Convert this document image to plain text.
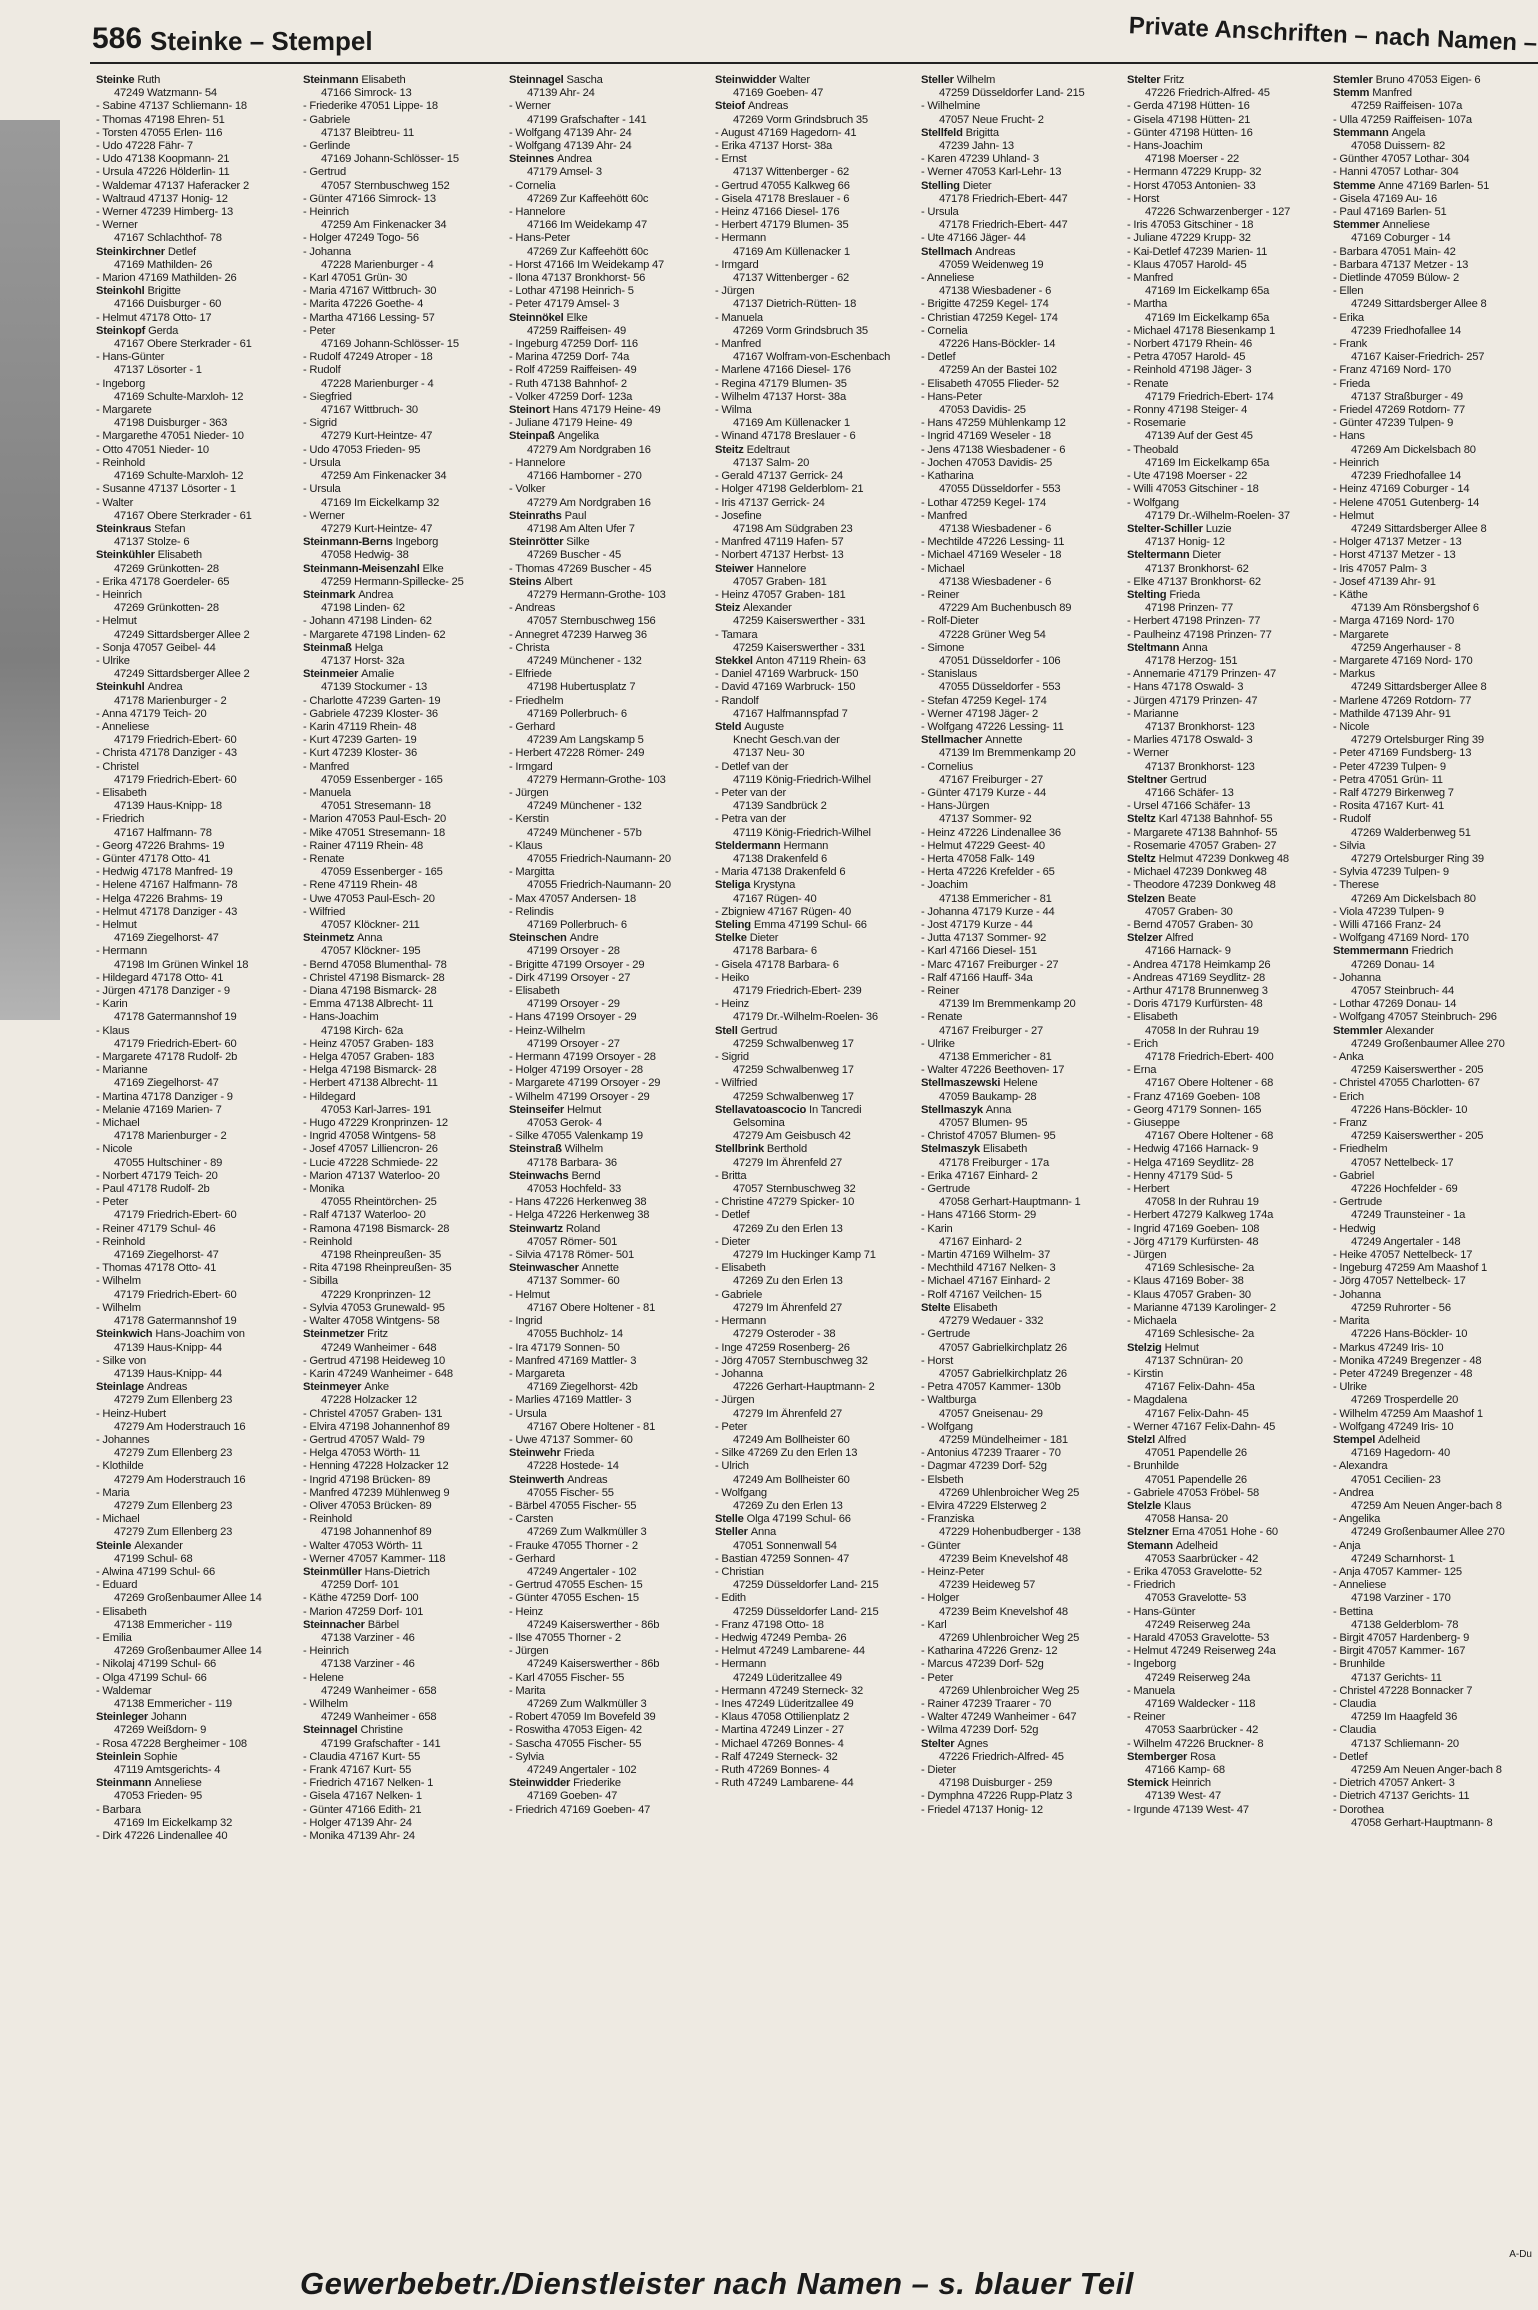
586 Steinke – Stempel	Private Anschriften – nach Namen –
Steinke Ruth
47249 Watzmann- 54
- Sabine 47137 Schliemann- 18
- Thomas 47198 Ehren- 51
- Torsten 47055 Erlen- 116
- Udo 47228 Fähr- 7
- Udo 47138 Koopmann- 21
- Ursula 47226 Hölderlin- 11
- Waldemar 47137 Haferacker 2
- Waltraud 47137 Honig- 12
- Werner 47239 Himberg- 13
- Werner
47167 Schlachthof- 78
Steinkirchner Detlef
47169 Mathilden- 26
- Marion 47169 Mathilden- 26
Steinkohl Brigitte
47166 Duisburger - 60
- Helmut 47178 Otto- 17
Steinkopf Gerda
47167 Obere Sterkrader - 61
- Hans-Günter
47137 Lösorter - 1
- Ingeborg
47169 Schulte-Marxloh- 12
- Margarete
47198 Duisburger - 363
- Margarethe 47051 Nieder- 10
- Otto 47051 Nieder- 10
- Reinhold
47169 Schulte-Marxloh- 12
- Susanne 47137 Lösorter - 1
- Walter
47167 Obere Sterkrader - 61
Steinkraus Stefan
47137 Stolze- 6
Steinkühler Elisabeth
47269 Grünkotten- 28
- Erika 47178 Goerdeler- 65
- Heinrich
47269 Grünkotten- 28
- Helmut
47249 Sittardsberger Allee 2
- Sonja 47057 Geibel- 44
- Ulrike
47249 Sittardsberger Allee 2
Steinkuhl Andrea
47178 Marienburger - 2
- Anna 47179 Teich- 20
- Anneliese
47179 Friedrich-Ebert- 60
- Christa 47178 Danziger - 43
- Christel
47179 Friedrich-Ebert- 60
- Elisabeth
47139 Haus-Knipp- 18
- Friedrich
47167 Halfmann- 78
- Georg 47226 Brahms- 19
- Günter 47178 Otto- 41
- Hedwig 47178 Manfred- 19
- Helene 47167 Halfmann- 78
- Helga 47226 Brahms- 19
- Helmut 47178 Danziger - 43
- Helmut
47169 Ziegelhorst- 47
- Hermann
47198 Im Grünen Winkel 18
- Hildegard 47178 Otto- 41
- Jürgen 47178 Danziger - 9
- Karin
47178 Gatermannshof 19
- Klaus
47179 Friedrich-Ebert- 60
- Margarete 47178 Rudolf- 2b
- Marianne
47169 Ziegelhorst- 47
- Martina 47178 Danziger - 9
- Melanie 47169 Marien- 7
- Michael
47178 Marienburger - 2
- Nicole
47055 Hultschiner - 89
- Norbert 47179 Teich- 20
- Paul 47178 Rudolf- 2b
- Peter
47179 Friedrich-Ebert- 60
- Reiner 47179 Schul- 46
- Reinhold
47169 Ziegelhorst- 47
- Thomas 47178 Otto- 41
- Wilhelm
47179 Friedrich-Ebert- 60
- Wilhelm
47178 Gatermannshof 19
Steinkwich Hans-Joachim von
47139 Haus-Knipp- 44
- Silke von
47139 Haus-Knipp- 44
Steinlage Andreas
47279 Zum Ellenberg 23
- Heinz-Hubert
47279 Am Hoderstrauch 16
- Johannes
47279 Zum Ellenberg 23
- Klothilde
47279 Am Hoderstrauch 16
- Maria
47279 Zum Ellenberg 23
- Michael
47279 Zum Ellenberg 23
Steinle Alexander
47199 Schul- 68
- Alwina 47199 Schul- 66
- Eduard
47269 Großenbaumer Allee 14
- Elisabeth
47138 Emmericher - 119
- Emilia
47269 Großenbaumer Allee 14
- Nikolaj 47199 Schul- 66
- Olga 47199 Schul- 66
- Waldemar
47138 Emmericher - 119
Steinleger Johann
47269 Weißdorn- 9
- Rosa 47228 Bergheimer - 108
Steinlein Sophie
47119 Amtsgerichts- 4
Steinmann Anneliese
47053 Frieden- 95
- Barbara
47169 Im Eickelkamp 32
- Dirk 47226 Lindenallee 40
Steinmann Elisabeth
47166 Simrock- 13
- Friederike 47051 Lippe- 18
- Gabriele
47137 Bleibtreu- 11
- Gerlinde
47169 Johann-Schlösser- 15
- Gertrud
47057 Sternbuschweg 152
- Günter 47166 Simrock- 13
- Heinrich
47259 Am Finkenacker 34
- Holger 47249 Togo- 56
- Johanna
47228 Marienburger - 4
- Karl 47051 Grün- 30
- Maria 47167 Wittbruch- 30
- Marita 47226 Goethe- 4
- Martha 47166 Lessing- 57
- Peter
47169 Johann-Schlösser- 15
- Rudolf 47249 Atroper - 18
- Rudolf
47228 Marienburger - 4
- Siegfried
47167 Wittbruch- 30
- Sigrid
47279 Kurt-Heintze- 47
- Udo 47053 Frieden- 95
- Ursula
47259 Am Finkenacker 34
- Ursula
47169 Im Eickelkamp 32
- Werner
47279 Kurt-Heintze- 47
Steinmann-Berns Ingeborg
47058 Hedwig- 38
Steinmann-Meisenzahl Elke
47259 Hermann-Spillecke- 25
Steinmark Andrea
47198 Linden- 62
- Johann 47198 Linden- 62
- Margarete 47198 Linden- 62
Steinmaß Helga
47137 Horst- 32a
Steinmeier Amalie
47139 Stockumer - 13
- Charlotte 47239 Garten- 19
- Gabriele 47239 Kloster- 36
- Karin 47119 Rhein- 48
- Kurt 47239 Garten- 19
- Kurt 47239 Kloster- 36
- Manfred
47059 Essenberger - 165
- Manuela
47051 Stresemann- 18
- Marion 47053 Paul-Esch- 20
- Mike 47051 Stresemann- 18
- Rainer 47119 Rhein- 48
- Renate
47059 Essenberger - 165
- Rene 47119 Rhein- 48
- Uwe 47053 Paul-Esch- 20
- Wilfried
47057 Klöckner- 211
Steinmetz Anna
47057 Klöckner- 195
- Bernd 47058 Blumenthal- 78
- Christel 47198 Bismarck- 28
- Diana 47198 Bismarck- 28
- Emma 47138 Albrecht- 11
- Hans-Joachim
47198 Kirch- 62a
- Heinz 47057 Graben- 183
- Helga 47057 Graben- 183
- Helga 47198 Bismarck- 28
- Herbert 47138 Albrecht- 11
- Hildegard
47053 Karl-Jarres- 191
- Hugo 47229 Kronprinzen- 12
- Ingrid 47058 Wintgens- 58
- Josef 47057 Lilliencron- 26
- Lucie 47228 Schmiede- 22
- Marion 47137 Waterloo- 20
- Monika
47055 Rheintörchen- 25
- Ralf 47137 Waterloo- 20
- Ramona 47198 Bismarck- 28
- Reinhold
47198 Rheinpreußen- 35
- Rita 47198 Rheinpreußen- 35
- Sibilla
47229 Kronprinzen- 12
- Sylvia 47053 Grunewald- 95
- Walter 47058 Wintgens- 58
Steinmetzer Fritz
47249 Wanheimer - 648
- Gertrud 47198 Heideweg 10
- Karin 47249 Wanheimer - 648
Steinmeyer Anke
47228 Holzacker 12
- Christel 47057 Graben- 131
- Elvira 47198 Johannenhof 89
- Gertrud 47057 Wald- 79
- Helga 47053 Wörth- 11
- Henning 47228 Holzacker 12
- Ingrid 47198 Brücken- 89
- Manfred 47239 Mühlenweg 9
- Oliver 47053 Brücken- 89
- Reinhold
47198 Johannenhof 89
- Walter 47053 Wörth- 11
- Werner 47057 Kammer- 118
Steinmüller Hans-Dietrich
47259 Dorf- 101
- Käthe 47259 Dorf- 100
- Marion 47259 Dorf- 101
Steinnacher Bärbel
47138 Varziner - 46
- Heinrich
47138 Varziner - 46
- Helene
47249 Wanheimer - 658
- Wilhelm
47249 Wanheimer - 658
Steinnagel Christine
47199 Grafschafter - 141
- Claudia 47167 Kurt- 55
- Frank 47167 Kurt- 55
- Friedrich 47167 Nelken- 1
- Gisela 47167 Nelken- 1
- Günter 47166 Edith- 21
- Holger 47139 Ahr- 24
- Monika 47139 Ahr- 24
Steinnagel Sascha
47139 Ahr- 24
- Werner
47199 Grafschafter - 141
- Wolfgang 47139 Ahr- 24
- Wolfgang 47139 Ahr- 24
Steinnes Andrea
47179 Amsel- 3
- Cornelia
47269 Zur Kaffeehött 60c
- Hannelore
47166 Im Weidekamp 47
- Hans-Peter
47269 Zur Kaffeehött 60c
- Horst 47166 Im Weidekamp 47
- Ilona 47137 Bronkhorst- 56
- Lothar 47198 Heinrich- 5
- Peter 47179 Amsel- 3
Steinnökel Elke
47259 Raiffeisen- 49
- Ingeburg 47259 Dorf- 116
- Marina 47259 Dorf- 74a
- Rolf 47259 Raiffeisen- 49
- Ruth 47138 Bahnhof- 2
- Volker 47259 Dorf- 123a
Steinort Hans 47179 Heine- 49
- Juliane 47179 Heine- 49
Steinpaß Angelika
47279 Am Nordgraben 16
- Hannelore
47166 Hamborner - 270
- Volker
47279 Am Nordgraben 16
Steinraths Paul
47198 Am Alten Ufer 7
Steinrötter Silke
47269 Buscher - 45
- Thomas 47269 Buscher - 45
Steins Albert
47279 Hermann-Grothe- 103
- Andreas
47057 Sternbuschweg 156
- Annegret 47239 Harweg 36
- Christa
47249 Münchener - 132
- Elfriede
47198 Hubertusplatz 7
- Friedhelm
47169 Pollerbruch- 6
- Gerhard
47239 Am Langskamp 5
- Herbert 47228 Römer- 249
- Irmgard
47279 Hermann-Grothe- 103
- Jürgen
47249 Münchener - 132
- Kerstin
47249 Münchener - 57b
- Klaus
47055 Friedrich-Naumann- 20
- Margitta
47055 Friedrich-Naumann- 20
- Max 47057 Andersen- 18
- Relindis
47169 Pollerbruch- 6
Steinschen Andre
47199 Orsoyer - 28
- Brigitte 47199 Orsoyer - 29
- Dirk 47199 Orsoyer - 27
- Elisabeth
47199 Orsoyer - 29
- Hans 47199 Orsoyer - 29
- Heinz-Wilhelm
47199 Orsoyer - 27
- Hermann 47199 Orsoyer - 28
- Holger 47199 Orsoyer - 28
- Margarete 47199 Orsoyer - 29
- Wilhelm 47199 Orsoyer - 29
Steinseifer Helmut
47053 Gerok- 4
- Silke 47055 Valenkamp 19
Steinstraß Wilhelm
47178 Barbara- 36
Steinwachs Bernd
47053 Hochfeld- 33
- Hans 47226 Herkenweg 38
- Helga 47226 Herkenweg 38
Steinwartz Roland
47057 Römer- 501
- Silvia 47178 Römer- 501
Steinwascher Annette
47137 Sommer- 60
- Helmut
47167 Obere Holtener - 81
- Ingrid
47055 Buchholz- 14
- Ira 47179 Sonnen- 50
- Manfred 47169 Mattler- 3
- Margareta
47169 Ziegelhorst- 42b
- Marlies 47169 Mattler- 3
- Ursula
47167 Obere Holtener - 81
- Uwe 47137 Sommer- 60
Steinwehr Frieda
47228 Hostede- 14
Steinwerth Andreas
47055 Fischer- 55
- Bärbel 47055 Fischer- 55
- Carsten
47269 Zum Walkmüller 3
- Frauke 47055 Thorner - 2
- Gerhard
47249 Angertaler - 102
- Gertrud 47055 Eschen- 15
- Günter 47055 Eschen- 15
- Heinz
47249 Kaiserswerther - 86b
- Ilse 47055 Thorner - 2
- Jürgen
47249 Kaiserswerther - 86b
- Karl 47055 Fischer- 55
- Marita
47269 Zum Walkmüller 3
- Robert 47059 Im Bovefeld 39
- Roswitha 47053 Eigen- 42
- Sascha 47055 Fischer- 55
- Sylvia
47249 Angertaler - 102
Steinwidder Friederike
47169 Goeben- 47
- Friedrich 47169 Goeben- 47
Steinwidder Walter
47169 Goeben- 47
Steiof Andreas
47269 Vorm Grindsbruch 35
- August 47169 Hagedorn- 41
- Erika 47137 Horst- 38a
- Ernst
47137 Wittenberger - 62
- Gertrud 47055 Kalkweg 66
- Gisela 47178 Breslauer - 6
- Heinz 47166 Diesel- 176
- Herbert 47179 Blumen- 35
- Hermann
47169 Am Küllenacker 1
- Irmgard
47137 Wittenberger - 62
- Jürgen
47137 Dietrich-Rütten- 18
- Manuela
47269 Vorm Grindsbruch 35
- Manfred
47167 Wolfram-von-Eschenbach
- Marlene 47166 Diesel- 176
- Regina 47179 Blumen- 35
- Wilhelm 47137 Horst- 38a
- Wilma
47169 Am Küllenacker 1
- Winand 47178 Breslauer - 6
Steitz Edeltraut
47137 Salm- 20
- Gerald 47137 Gerrick- 24
- Holger 47198 Gelderblom- 21
- Iris 47137 Gerrick- 24
- Josefine
47198 Am Südgraben 23
- Manfred 47119 Hafen- 57
- Norbert 47137 Herbst- 13
Steiwer Hannelore
47057 Graben- 181
- Heinz 47057 Graben- 181
Steiz Alexander
47259 Kaiserswerther - 331
- Tamara
47259 Kaiserswerther - 331
Stekkel Anton 47119 Rhein- 63
- Daniel 47169 Warbruck- 150
- David 47169 Warbruck- 150
- Randolf
47167 Halfmannspfad 7
Steld Auguste
Knecht Gesch.van der
47137 Neu- 30
- Detlef van der
47119 König-Friedrich-Wilhel
- Peter van der
47139 Sandbrück 2
- Petra van der
47119 König-Friedrich-Wilhel
Steldermann Hermann
47138 Drakenfeld 6
- Maria 47138 Drakenfeld 6
Steliga Krystyna
47167 Rügen- 40
- Zbigniew 47167 Rügen- 40
Steling Emma 47199 Schul- 66
Stelke Dieter
47178 Barbara- 6
- Gisela 47178 Barbara- 6
- Heiko
47179 Friedrich-Ebert- 239
- Heinz
47179 Dr.-Wilhelm-Roelen- 36
Stell Gertrud
47259 Schwalbenweg 17
- Sigrid
47259 Schwalbenweg 17
- Wilfried
47259 Schwalbenweg 17
Stellavatoascocio In Tancredi
Gelsomina
47279 Am Geisbusch 42
Stellbrink Berthold
47279 Im Ährenfeld 27
- Britta
47057 Sternbuschweg 32
- Christine 47279 Spicker- 10
- Detlef
47269 Zu den Erlen 13
- Dieter
47279 Im Huckinger Kamp 71
- Elisabeth
47269 Zu den Erlen 13
- Gabriele
47279 Im Ährenfeld 27
- Hermann
47279 Osteroder - 38
- Inge 47259 Rosenberg- 26
- Jörg 47057 Sternbuschweg 32
- Johanna
47226 Gerhart-Hauptmann- 2
- Jürgen
47279 Im Ährenfeld 27
- Peter
47249 Am Bollheister 60
- Silke 47269 Zu den Erlen 13
- Ulrich
47249 Am Bollheister 60
- Wolfgang
47269 Zu den Erlen 13
Stelle Olga 47199 Schul- 66
Steller Anna
47051 Sonnenwall 54
- Bastian 47259 Sonnen- 47
- Christian
47259 Düsseldorfer Land- 215
- Edith
47259 Düsseldorfer Land- 215
- Franz 47198 Otto- 18
- Hedwig 47249 Pemba- 26
- Helmut 47249 Lambarene- 44
- Hermann
47249 Lüderitzallee 49
- Hermann 47249 Sterneck- 32
- Ines 47249 Lüderitzallee 49
- Klaus 47058 Ottilienplatz 2
- Martina 47249 Linzer - 27
- Michael 47269 Bonnes- 4
- Ralf 47249 Sterneck- 32
- Ruth 47269 Bonnes- 4
- Ruth 47249 Lambarene- 44
Steller Wilhelm
47259 Düsseldorfer Land- 215
- Wilhelmine
47057 Neue Frucht- 2
Stellfeld Brigitta
47239 Jahn- 13
- Karen 47239 Uhland- 3
- Werner 47053 Karl-Lehr- 13
Stelling Dieter
47178 Friedrich-Ebert- 447
- Ursula
47178 Friedrich-Ebert- 447
- Ute 47166 Jäger- 44
Stellmach Andreas
47059 Weidenweg 19
- Anneliese
47138 Wiesbadener - 6
- Brigitte 47259 Kegel- 174
- Christian 47259 Kegel- 174
- Cornelia
47226 Hans-Böckler- 14
- Detlef
47259 An der Bastei 102
- Elisabeth 47055 Flieder- 52
- Hans-Peter
47053 Davidis- 25
- Hans 47259 Mühlenkamp 12
- Ingrid 47169 Weseler - 18
- Jens 47138 Wiesbadener - 6
- Jochen 47053 Davidis- 25
- Katharina
47055 Düsseldorfer - 553
- Lothar 47259 Kegel- 174
- Manfred
47138 Wiesbadener - 6
- Mechtilde 47226 Lessing- 11
- Michael 47169 Weseler - 18
- Michael
47138 Wiesbadener - 6
- Reiner
47229 Am Buchenbusch 89
- Rolf-Dieter
47228 Grüner Weg 54
- Simone
47051 Düsseldorfer - 106
- Stanislaus
47055 Düsseldorfer - 553
- Stefan 47259 Kegel- 174
- Werner 47198 Jäger- 2
- Wolfgang 47226 Lessing- 11
Stellmacher Annette
47139 Im Bremmenkamp 20
- Cornelius
47167 Freiburger - 27
- Günter 47179 Kurze - 44
- Hans-Jürgen
47137 Sommer- 92
- Heinz 47226 Lindenallee 36
- Helmut 47229 Geest- 40
- Herta 47058 Falk- 149
- Herta 47226 Krefelder - 65
- Joachim
47138 Emmericher - 81
- Johanna 47179 Kurze - 44
- Jost 47179 Kurze - 44
- Jutta 47137 Sommer- 92
- Karl 47166 Diesel- 151
- Marc 47167 Freiburger - 27
- Ralf 47166 Hauff- 34a
- Reiner
47139 Im Bremmenkamp 20
- Renate
47167 Freiburger - 27
- Ulrike
47138 Emmericher - 81
- Walter 47226 Beethoven- 17
Stellmaszewski Helene
47059 Baukamp- 28
Stellmaszyk Anna
47057 Blumen- 95
- Christof 47057 Blumen- 95
Stelmaszyk Elisabeth
47178 Freiburger - 17a
- Erika 47167 Einhard- 2
- Gertrude
47058 Gerhart-Hauptmann- 1
- Hans 47166 Storm- 29
- Karin
47167 Einhard- 2
- Martin 47169 Wilhelm- 37
- Mechthild 47167 Nelken- 3
- Michael 47167 Einhard- 2
- Rolf 47167 Veilchen- 15
Stelte Elisabeth
47279 Wedauer - 332
- Gertrude
47057 Gabrielkirchplatz 26
- Horst
47057 Gabrielkirchplatz 26
- Petra 47057 Kammer- 130b
- Waltburga
47057 Gneisenau- 29
- Wolfgang
47259 Mündelheimer - 181
- Antonius 47239 Traarer - 70
- Dagmar 47239 Dorf- 52g
- Elsbeth
47269 Uhlenbroicher Weg 25
- Elvira 47229 Elsterweg 2
- Franziska
47229 Hohenbudberger - 138
- Günter
47239 Beim Knevelshof 48
- Heinz-Peter
47239 Heideweg 57
- Holger
47239 Beim Knevelshof 48
- Karl
47269 Uhlenbroicher Weg 25
- Katharina 47226 Grenz- 12
- Marcus 47239 Dorf- 52g
- Peter
47269 Uhlenbroicher Weg 25
- Rainer 47239 Traarer - 70
- Walter 47249 Wanheimer - 647
- Wilma 47239 Dorf- 52g
Stelter Agnes
47226 Friedrich-Alfred- 45
- Dieter
47198 Duisburger - 259
- Dymphna 47226 Rupp-Platz 3
- Friedel 47137 Honig- 12
Stelter Fritz
47226 Friedrich-Alfred- 45
- Gerda 47198 Hütten- 16
- Gisela 47198 Hütten- 21
- Günter 47198 Hütten- 16
- Hans-Joachim
47198 Moerser - 22
- Hermann 47229 Krupp- 32
- Horst 47053 Antonien- 33
- Horst
47226 Schwarzenberger - 127
- Iris 47053 Gitschiner - 18
- Juliane 47229 Krupp- 32
- Kai-Detlef 47239 Marien- 11
- Klaus 47057 Harold- 45
- Manfred
47169 Im Eickelkamp 65a
- Martha
47169 Im Eickelkamp 65a
- Michael 47178 Biesenkamp 1
- Norbert 47179 Rhein- 46
- Petra 47057 Harold- 45
- Reinhold 47198 Jäger- 3
- Renate
47179 Friedrich-Ebert- 174
- Ronny 47198 Steiger- 4
- Rosemarie
47139 Auf der Gest 45
- Theobald
47169 Im Eickelkamp 65a
- Ute 47198 Moerser - 22
- Willi 47053 Gitschiner - 18
- Wolfgang
47179 Dr.-Wilhelm-Roelen- 37
Stelter-Schiller Luzie
47137 Honig- 12
Steltermann Dieter
47137 Bronkhorst- 62
- Elke 47137 Bronkhorst- 62
Stelting Frieda
47198 Prinzen- 77
- Herbert 47198 Prinzen- 77
- Paulheinz 47198 Prinzen- 77
Steltmann Anna
47178 Herzog- 151
- Annemarie 47179 Prinzen- 47
- Hans 47178 Oswald- 3
- Jürgen 47179 Prinzen- 47
- Marianne
47137 Bronkhorst- 123
- Marlies 47178 Oswald- 3
- Werner
47137 Bronkhorst- 123
Steltner Gertrud
47166 Schäfer- 13
- Ursel 47166 Schäfer- 13
Steltz Karl 47138 Bahnhof- 55
- Margarete 47138 Bahnhof- 55
- Rosemarie 47057 Graben- 27
Steltz Helmut 47239 Donkweg 48
- Michael 47239 Donkweg 48
- Theodore 47239 Donkweg 48
Stelzen Beate
47057 Graben- 30
- Bernd 47057 Graben- 30
Stelzer Alfred
47166 Harnack- 9
- Andrea 47178 Heimkamp 26
- Andreas 47169 Seydlitz- 28
- Arthur 47178 Brunnenweg 3
- Doris 47179 Kurfürsten- 48
- Elisabeth
47058 In der Ruhrau 19
- Erich
47178 Friedrich-Ebert- 400
- Erna
47167 Obere Holtener - 68
- Franz 47169 Goeben- 108
- Georg 47179 Sonnen- 165
- Giuseppe
47167 Obere Holtener - 68
- Hedwig 47166 Harnack- 9
- Helga 47169 Seydlitz- 28
- Henny 47179 Süd- 5
- Herbert
47058 In der Ruhrau 19
- Herbert 47279 Kalkweg 174a
- Ingrid 47169 Goeben- 108
- Jörg 47179 Kurfürsten- 48
- Jürgen
47169 Schlesische- 2a
- Klaus 47169 Bober- 38
- Klaus 47057 Graben- 30
- Marianne 47139 Karolinger- 2
- Michaela
47169 Schlesische- 2a
Stelzig Helmut
47137 Schnüran- 20
- Kirstin
47167 Felix-Dahn- 45a
- Magdalena
47167 Felix-Dahn- 45
- Werner 47167 Felix-Dahn- 45
Stelzl Alfred
47051 Papendelle 26
- Brunhilde
47051 Papendelle 26
- Gabriele 47053 Fröbel- 58
Stelzle Klaus
47058 Hansa- 20
Stelzner Erna 47051 Hohe - 60
Stemann Adelheid
47053 Saarbrücker - 42
- Erika 47053 Gravelotte- 52
- Friedrich
47053 Gravelotte- 53
- Hans-Günter
47249 Reiserweg 24a
- Harald 47053 Gravelotte- 53
- Helmut 47249 Reiserweg 24a
- Ingeborg
47249 Reiserweg 24a
- Manuela
47169 Waldecker - 118
- Reiner
47053 Saarbrücker - 42
- Wilhelm 47226 Bruckner- 8
Stemberger Rosa
47166 Kamp- 68
Stemick Heinrich
47139 West- 47
- Irgunde 47139 West- 47
Stemler Bruno 47053 Eigen- 6
Stemm Manfred
47259 Raiffeisen- 107a
- Ulla 47259 Raiffeisen- 107a
Stemmann Angela
47058 Duissern- 82
- Günther 47057 Lothar- 304
- Hanni 47057 Lothar- 304
Stemme Anne 47169 Barlen- 51
- Gisela 47169 Au- 16
- Paul 47169 Barlen- 51
Stemmer Anneliese
47169 Coburger - 14
- Barbara 47051 Main- 42
- Barbara 47137 Metzer - 13
- Dietlinde 47059 Bülow- 2
- Ellen
47249 Sittardsberger Allee 8
- Erika
47239 Friedhofallee 14
- Frank
47167 Kaiser-Friedrich- 257
- Franz 47169 Nord- 170
- Frieda
47137 Straßburger - 49
- Friedel 47269 Rotdorn- 77
- Günter 47239 Tulpen- 9
- Hans
47269 Am Dickelsbach 80
- Heinrich
47239 Friedhofallee 14
- Heinz 47169 Coburger - 14
- Helene 47051 Gutenberg- 14
- Helmut
47249 Sittardsberger Allee 8
- Holger 47137 Metzer - 13
- Horst 47137 Metzer - 13
- Iris 47057 Palm- 3
- Josef 47139 Ahr- 91
- Käthe
47139 Am Rönsbergshof 6
- Marga 47169 Nord- 170
- Margarete
47259 Angerhauser - 8
- Margarete 47169 Nord- 170
- Markus
47249 Sittardsberger Allee 8
- Marlene 47269 Rotdorn- 77
- Mathilde 47139 Ahr- 91
- Nicole
47279 Ortelsburger Ring 39
- Peter 47169 Fundsberg- 13
- Peter 47239 Tulpen- 9
- Petra 47051 Grün- 11
- Ralf 47279 Birkenweg 7
- Rosita 47167 Kurt- 41
- Rudolf
47269 Walderbenweg 51
- Silvia
47279 Ortelsburger Ring 39
- Sylvia 47239 Tulpen- 9
- Therese
47269 Am Dickelsbach 80
- Viola 47239 Tulpen- 9
- Willi 47166 Franz- 24
- Wolfgang 47169 Nord- 170
Stemmermann Friedrich
47269 Donau- 14
- Johanna
47057 Steinbruch- 44
- Lothar 47269 Donau- 14
- Wolfgang 47057 Steinbruch- 296
Stemmler Alexander
47249 Großenbaumer Allee 270
- Anka
47259 Kaiserswerther - 205
- Christel 47055 Charlotten- 67
- Erich
47226 Hans-Böckler- 10
- Franz
47259 Kaiserswerther - 205
- Friedhelm
47057 Nettelbeck- 17
- Gabriel
47226 Hochfelder - 69
- Gertrude
47249 Traunsteiner - 1a
- Hedwig
47249 Angertaler - 148
- Heike 47057 Nettelbeck- 17
- Ingeburg 47259 Am Maashof 1
- Jörg 47057 Nettelbeck- 17
- Johanna
47259 Ruhrorter - 56
- Marita
47226 Hans-Böckler- 10
- Markus 47249 Iris- 10
- Monika 47249 Bregenzer - 48
- Peter 47249 Bregenzer - 48
- Ulrike
47269 Trosperdelle 20
- Wilhelm 47259 Am Maashof 1
- Wolfgang 47249 Iris- 10
Stempel Adelheid
47169 Hagedorn- 40
- Alexandra
47051 Cecilien- 23
- Andrea
47259 Am Neuen Anger-bach 8
- Angelika
47249 Großenbaumer Allee 270
- Anja
47249 Scharnhorst- 1
- Anja 47057 Kammer- 125
- Anneliese
47198 Varziner - 170
- Bettina
47138 Gelderblom- 78
- Birgit 47057 Hardenberg- 9
- Birgit 47057 Kammer- 167
- Brunhilde
47137 Gerichts- 11
- Christel 47228 Bonnacker 7
- Claudia
47259 Im Haagfeld 36
- Claudia
47137 Schliemann- 20
- Detlef
47259 Am Neuen Anger-bach 8
- Dietrich 47057 Ankert- 3
- Dietrich 47137 Gerichts- 11
- Dorothea
47058 Gerhart-Hauptmann- 8
Gewerbebetr./Dienstleister nach Namen – s. blauer Teil
A-Du
